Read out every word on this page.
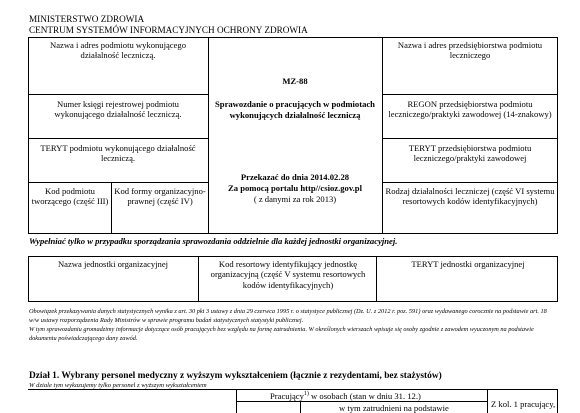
MINISTERSTWO ZDROWIA
CENTRUM SYSTEMÓW INFORMACYJNYCH OCHRONY ZDROWIA
Nazwa i adres podmiotu wykonującego działalność leczniczą.
Numer księgi rejestrowej podmiotu wykonującego działalność leczniczą.
TERYT podmiotu wykonującego działalność leczniczą.
Kod podmiotu tworzącego (część III)
Kod formy organizacyjno-prawnej (część IV)
MZ-88
Sprawozdanie o pracujących w podmiotach wykonujących działalność leczniczą
Przekazać do dnia 2014.02.28
Za pomocą portalu http//csioz.gov.pl
( z danymi za rok 2013)
Nazwa i adres przedsiębiorstwa podmiotu leczniczego
REGON przedsiębiorstwa podmiotu leczniczego/praktyki zawodowej (14-znakowy)
TERYT przedsiębiorstwa podmiotu leczniczego/praktyki zawodowej
Rodzaj działalności leczniczej (część VI systemu resortowych kodów identyfikacyjnych)
Wypełniać tylko w przypadku sporządzania sprawozdania oddzielnie dla każdej jednostki organizacyjnej.
Nazwa jednostki organizacyjnej	Kod resortowy identyfikujący jednostkę organizacyjną (część V systemu resortowych kodów identyfikacyjnych)
TERYT jednostki organizacyjnej
Obowiązek przekazywania danych statystycznych wynika z art. 30 pkt 3 ustawy z dnia 29 czerwca 1995 r. o statystyce publicznej (Dz. U. z 2012 r. poz. 591) oraz wydawanego corocznie na podstawie art. 18 w/w ustawy rozporządzenia Rady Ministrów w sprawie programu badań statystycznych statystyki publicznej.
W tym sprawozdaniu gromadzimy informacje dotyczące osób pracujących bez względu na formę zatrudnienia. W określonych wierszach wpisuje się osoby zgodnie z zawodem wyuczonym na podstawie dokumentu poświadczającego dany zawód.
Dział 1. Wybrany personel medyczny z wyższym wykształceniem (łącznie z rezydentami, bez stażystów)
W dziale tym wykazujemy tylko personel z wyższym wykształceniem
Pracujący$^{1)}$ w osobach (stan w dniu 31. 12.)
w tym zatrudnieni na podstawie	Z kol. 1 pracujący,
